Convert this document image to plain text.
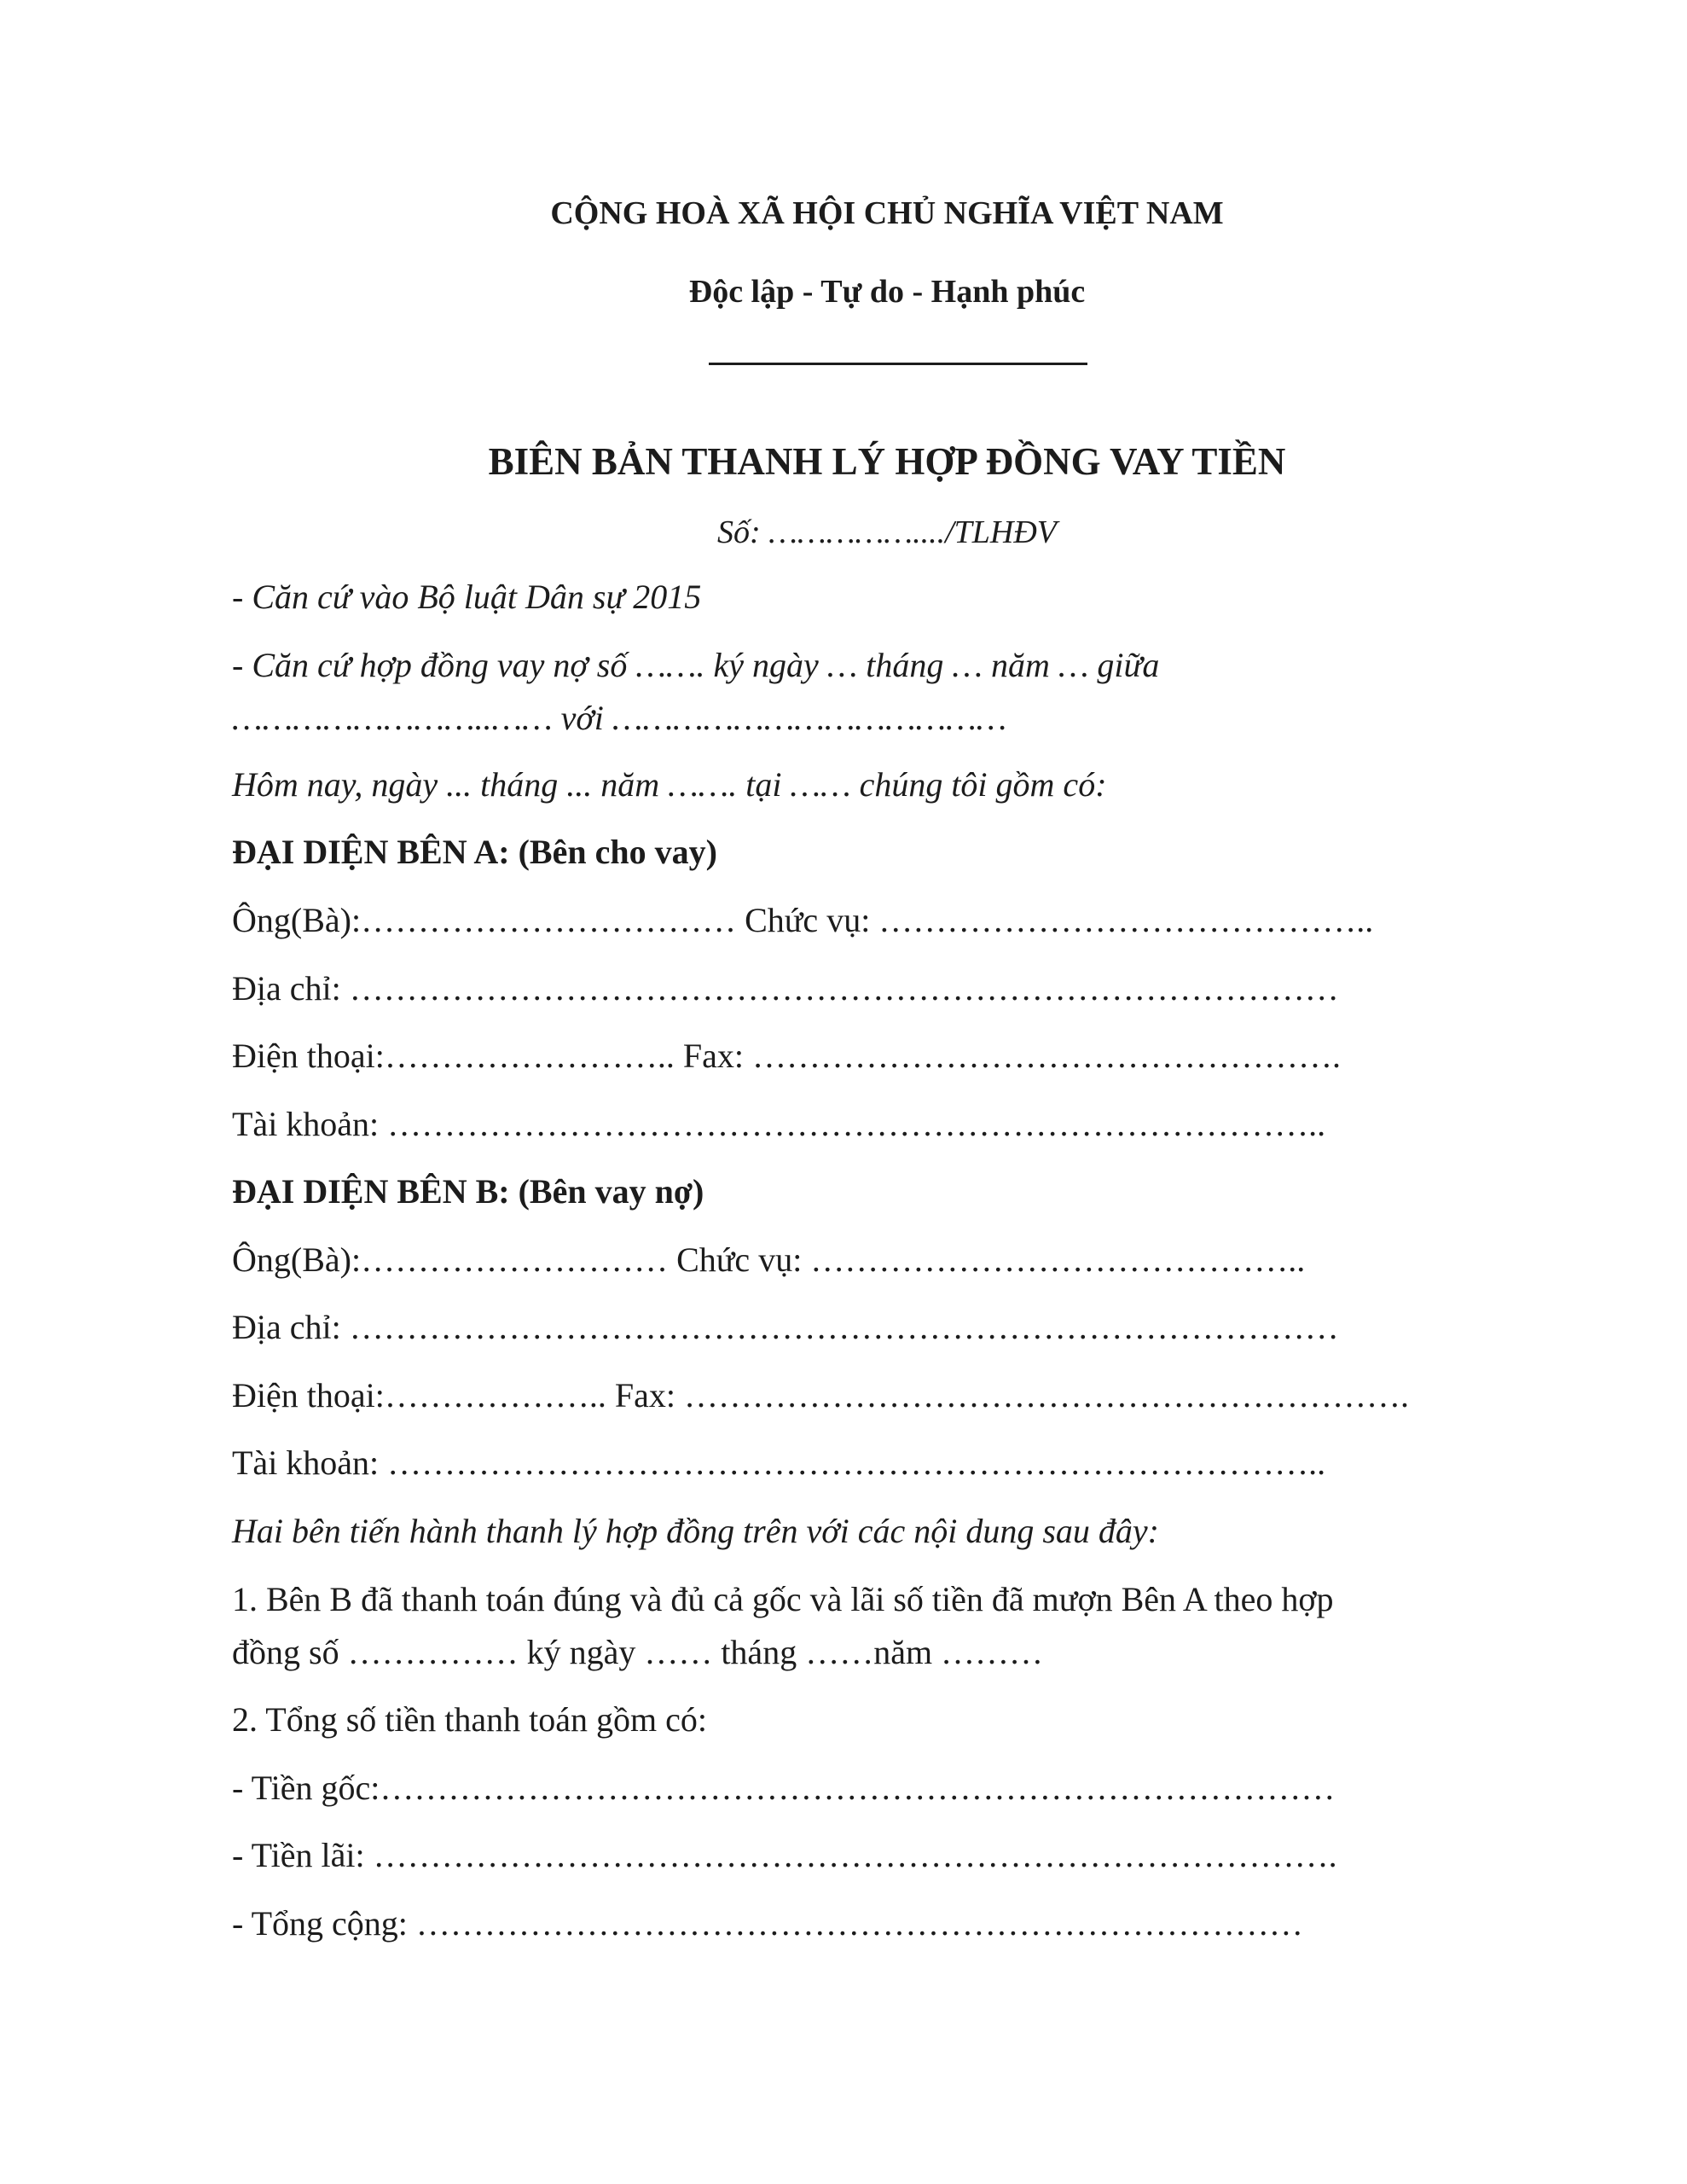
CỘNG HOÀ XÃ HỘI CHỦ NGHĨA VIỆT NAM
Độc lập - Tự do - Hạnh phúc
BIÊN BẢN THANH LÝ HỢP ĐỒNG VAY TIỀN
Số: ……………..../TLHĐV
- Căn cứ vào Bộ luật Dân sự 2015
- Căn cứ hợp đồng vay nợ số ……. ký ngày … tháng … năm … giữa
……………………..…… với …………………………………
Hôm nay, ngày ... tháng ... năm ……. tại …… chúng tôi gồm có:
ĐẠI DIỆN BÊN A: (Bên cho vay)
Ông(Bà):…………………………… Chức vụ: ……………………………………..
Địa chỉ: ……………………………………………………………………………
Điện thoại:…………………….. Fax: …………………………………………….
Tài khoản: ………………………………………………………………………..
ĐẠI DIỆN BÊN B: (Bên vay nợ)
Ông(Bà):……………………… Chức vụ: ……………………………………..
Địa chỉ: ……………………………………………………………………………
Điện thoại:……………….. Fax: ……………………………………………………….
Tài khoản: ………………………………………………………………………..
Hai bên tiến hành thanh lý hợp đồng trên với các nội dung sau đây:
1. Bên B đã thanh toán đúng và đủ cả gốc và lãi số tiền đã mượn Bên A theo hợp
đồng số …………… ký ngày …… tháng ……năm ………
2. Tổng số tiền thanh toán gồm có:
- Tiền gốc:…………………………………………………………………………
- Tiền lãi: ………………………………………………………………………….
- Tổng cộng: ……………………………………………………………………
